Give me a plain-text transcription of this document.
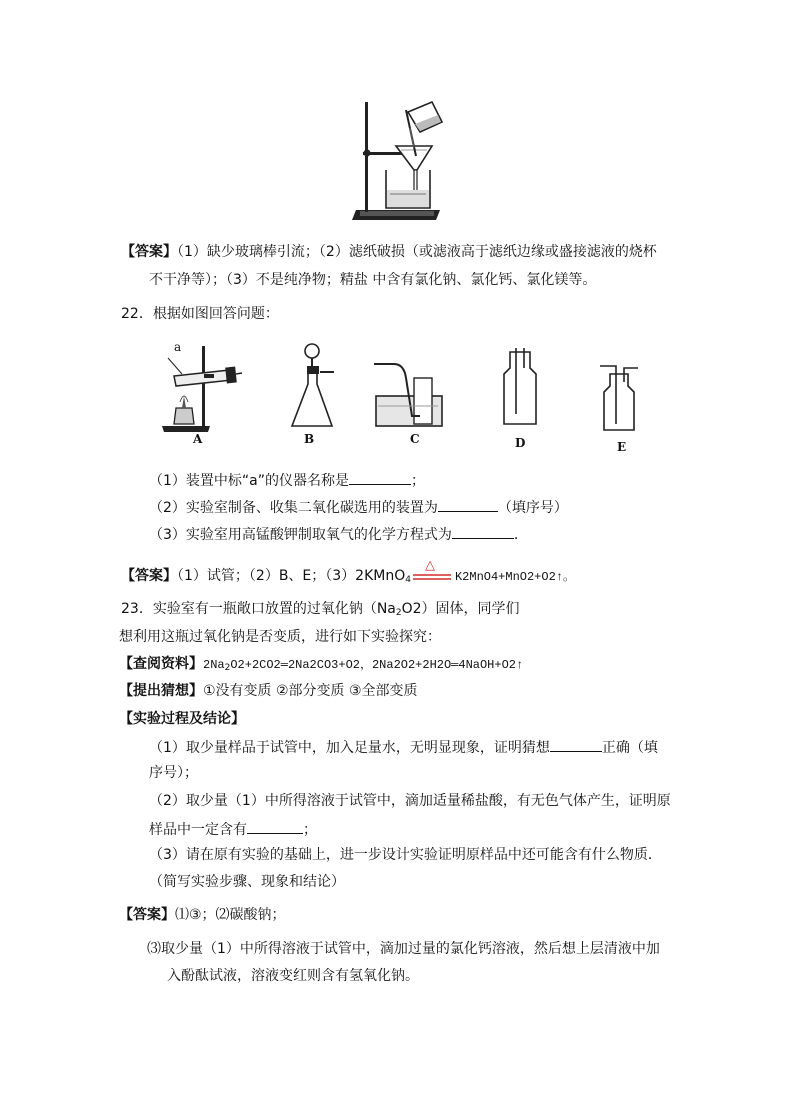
【答案】（1）缺少玻璃棒引流；（2）滤纸破损（或滤液高于滤纸边缘或盛接滤液的烧杯
不干净等）；（3）不是纯净物；精盐 中含有氯化钠、氯化钙、氯化镁等。
22．根据如图回答问题：
a
A	B	C	D	E
（1）装置中标“a”的仪器名称是	；
（2）实验室制备、收集二氧化碳选用的装置为	（填序号）
（3）实验室用高锰酸钾制取氧气的化学方程式为	．
【答案】（1）试管；（2）B、E；（3）2KMnO$_4$
△
K2MnO4+MnO2+O2↑。
23．实验室有一瓶敞口放置的过氧化钠$(Na_2O2)$固体，同学们
想利用这瓶过氧化钠是否变质，进行如下实验探究：
【查阅资料】$2Na_2O2+2CO2═2Na2CO3+O2$，2Na2O2+2H2O═4NaOH+O2↑
【提出猜想】①没有变质 ②部分变质 ③全部变质
【实验过程及结论】
（1）取少量样品于试管中，加入足量水，无明显现象，证明猜想	正确（填
序号）；
（2）取少量（1）中所得溶液于试管中，滴加适量稀盐酸，有无色气体产生，证明原
样品中一定含有	；
（3）请在原有实验的基础上，进一步设计实验证明原样品中还可能含有什么物质．
（简写实验步骤、现象和结论）
【答案】⑴③；⑵碳酸钠；
⑶取少量（1）中所得溶液于试管中，滴加过量的氯化钙溶液，然后想上层清液中加
入酚酞试液，溶液变红则含有氢氧化钠。
